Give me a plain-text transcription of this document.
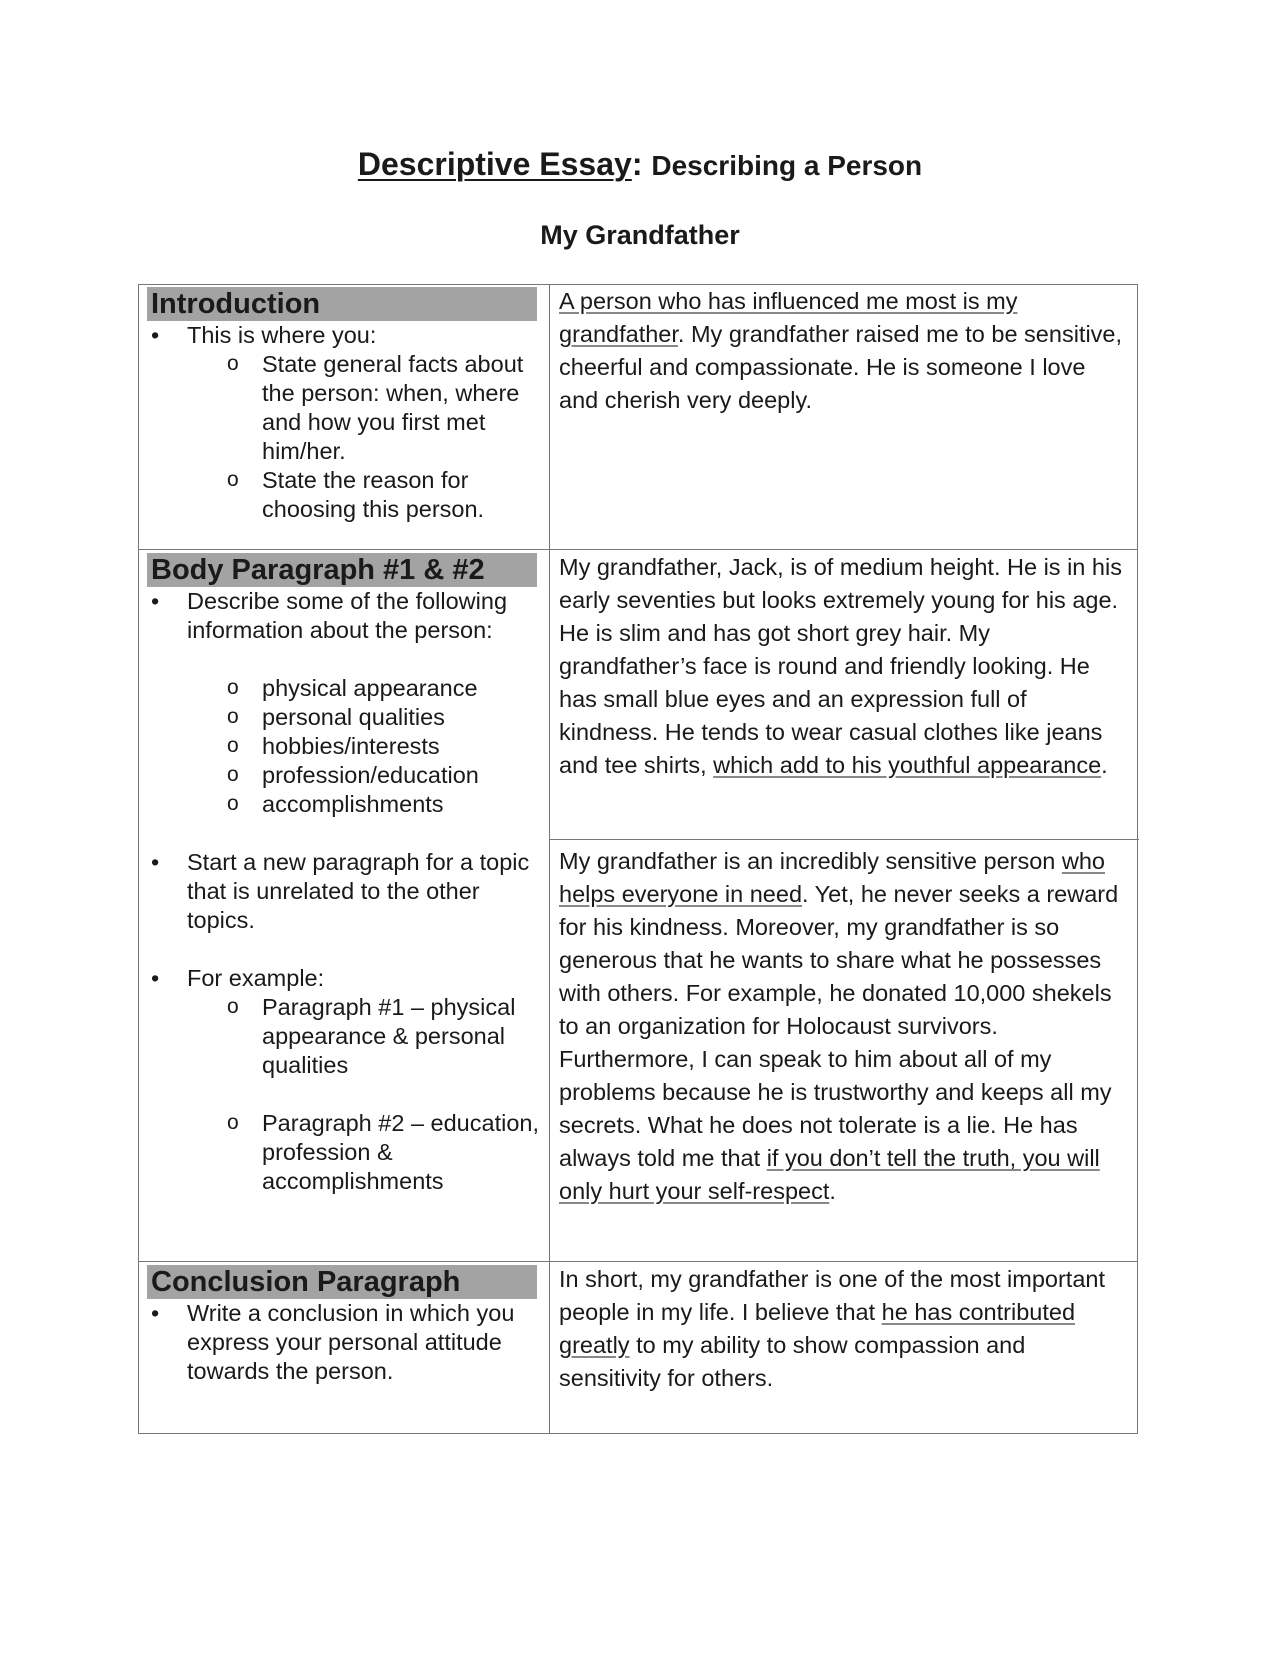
Descriptive Essay: Describing a Person
My Grandfather
Introduction
• This is where you:
o State general facts about the person: when, where and how you first met him/her.
o State the reason for choosing this person.
A person who has influenced me most is my grandfather. My grandfather raised me to be sensitive, cheerful and compassionate. He is someone I love and cherish very deeply.
Body Paragraph #1 & #2
• Describe some of the following information about the person:
o physical appearance
o personal qualities
o hobbies/interests
o profession/education
o accomplishments
• Start a new paragraph for a topic that is unrelated to the other topics.
• For example:
o Paragraph #1 – physical appearance & personal qualities
o Paragraph #2 – education, profession & accomplishments
My grandfather, Jack, is of medium height. He is in his early seventies but looks extremely young for his age. He is slim and has got short grey hair. My grandfather’s face is round and friendly looking. He has small blue eyes and an expression full of kindness. He tends to wear casual clothes like jeans and tee shirts, which add to his youthful appearance.
My grandfather is an incredibly sensitive person who helps everyone in need. Yet, he never seeks a reward for his kindness. Moreover, my grandfather is so generous that he wants to share what he possesses with others. For example, he donated 10,000 shekels to an organization for Holocaust survivors. Furthermore, I can speak to him about all of my problems because he is trustworthy and keeps all my secrets. What he does not tolerate is a lie. He has always told me that if you don’t tell the truth, you will only hurt your self-respect.
Conclusion Paragraph
• Write a conclusion in which you express your personal attitude towards the person.
In short, my grandfather is one of the most important people in my life. I believe that he has contributed greatly to my ability to show compassion and sensitivity for others.
